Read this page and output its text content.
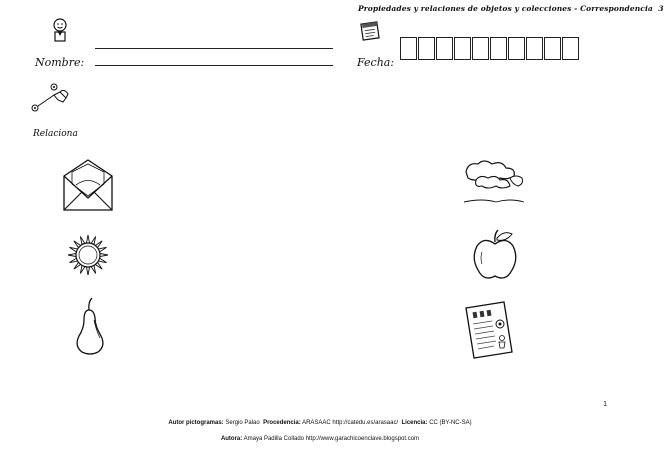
Propiedades y relaciones de objetos y colecciones - Correspondencia 3
Nombre:	Fecha:
Relaciona
1
Autor pictogramas: Sergio Palao Procedencia: ARASAAC http://catedu.es/arasaac/ Licencia: CC (BY-NC-SA)
Autora: Amaya Padilla Collado http://www.garachicoenclave.blogspot.com
